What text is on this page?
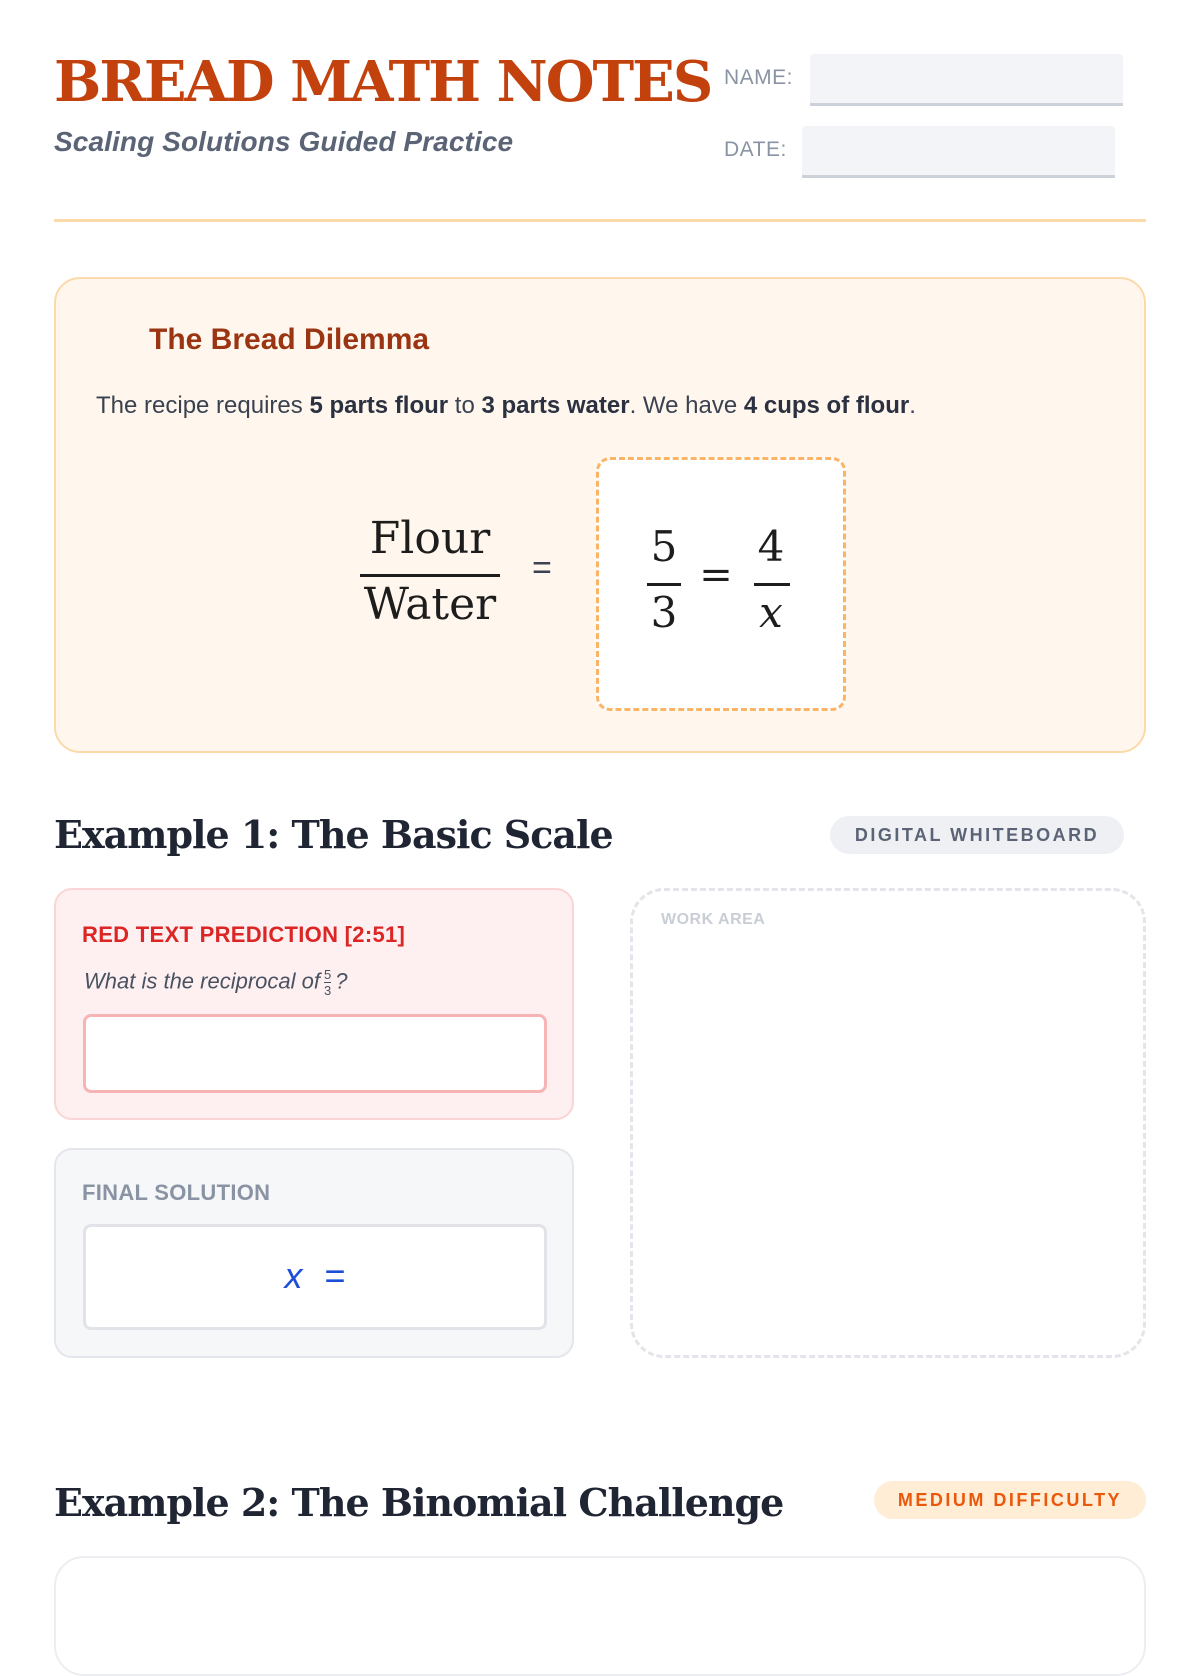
BREAD MATH NOTES
Scaling Solutions Guided Practice
NAME:
DATE:
The Bread Dilemma
The recipe requires 5 parts flour to 3 parts water. We have 4 cups of flour.
Flour
Water
= 5
3
=
4
x
Example 1: The Basic Scale	DIGITAL WHITEBOARD
RED TEXT PREDICTION [2:51]
What is the reciprocal of $\frac{5}{3}$ ?
FINAL SOLUTION
x =
WORK AREA
Example 2: The Binomial Challenge	MEDIUM DIFFICULTY
